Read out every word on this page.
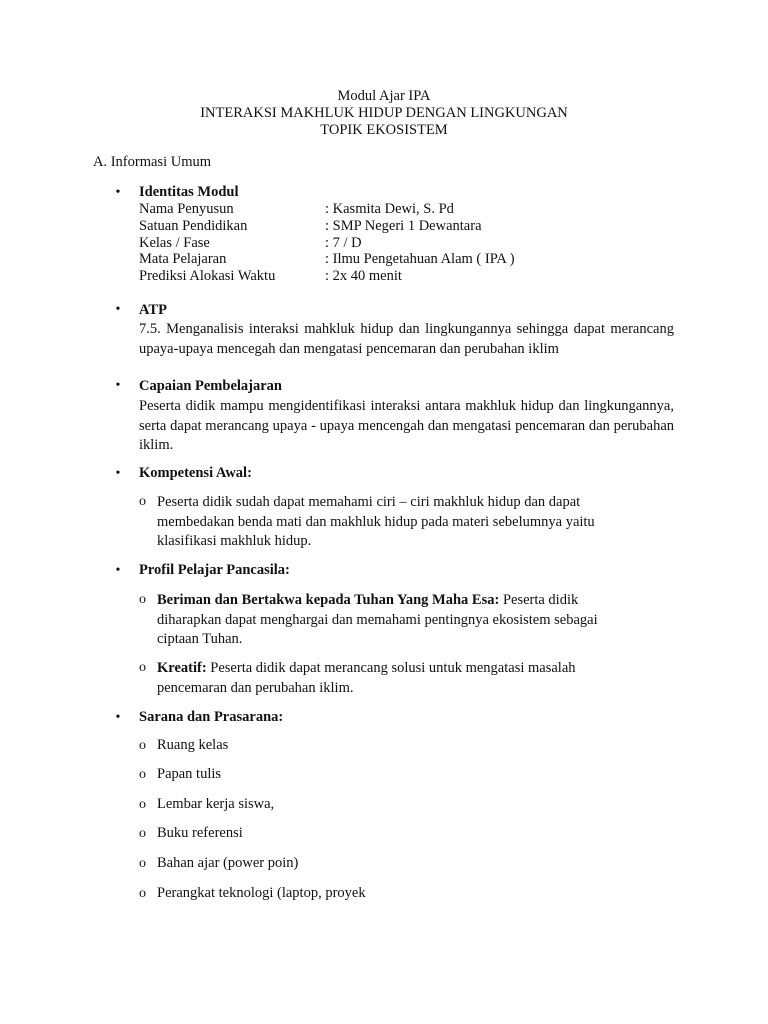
Modul Ajar IPA
INTERAKSI MAKHLUK HIDUP DENGAN LINGKUNGAN
TOPIK EKOSISTEM
A. Informasi Umum
• Identitas Modul
Nama Penyusun	: Kasmita Dewi, S. Pd
Satuan Pendidikan	: SMP Negeri 1 Dewantara
Kelas / Fase	: 7 / D
Mata Pelajaran	: Ilmu Pengetahuan Alam ( IPA )
Prediksi Alokasi Waktu	: 2x 40 menit
• ATP
7.5. Menganalisis interaksi mahkluk hidup dan lingkungannya sehingga dapat merancang upaya-upaya mencegah dan mengatasi pencemaran dan perubahan iklim
• Capaian Pembelajaran
Peserta didik mampu mengidentifikasi interaksi antara makhluk hidup dan lingkungannya, serta dapat merancang upaya - upaya mencengah dan mengatasi pencemaran dan perubahan iklim.
• Kompetensi Awal:
o Peserta didik sudah dapat memahami ciri – ciri makhluk hidup dan dapat membedakan benda mati dan makhluk hidup pada materi sebelumnya yaitu klasifikasi makhluk hidup.
• Profil Pelajar Pancasila:
o Beriman dan Bertakwa kepada Tuhan Yang Maha Esa: Peserta didik diharapkan dapat menghargai dan memahami pentingnya ekosistem sebagai ciptaan Tuhan.
o Kreatif: Peserta didik dapat merancang solusi untuk mengatasi masalah pencemaran dan perubahan iklim.
• Sarana dan Prasarana:
o Ruang kelas
o Papan tulis
o Lembar kerja siswa,
o Buku referensi
o Bahan ajar (power poin)
o Perangkat teknologi (laptop, proyek
